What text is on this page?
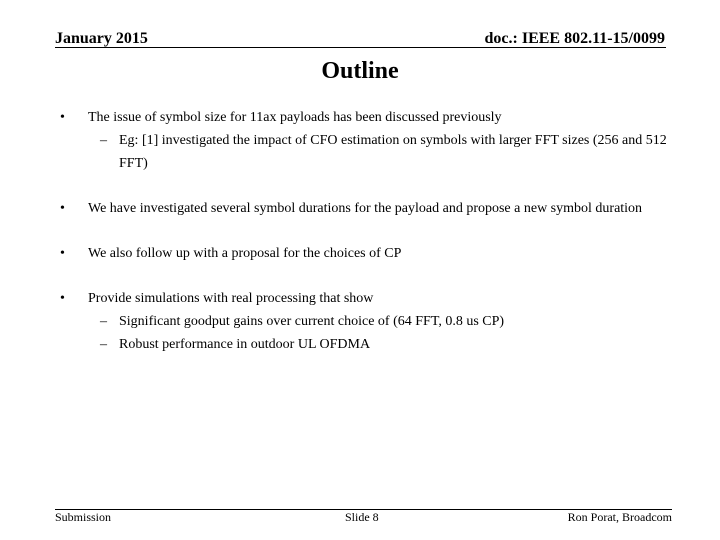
January 2015	doc.: IEEE 802.11-15/0099
Outline
• The issue of symbol size for 11ax payloads has been discussed previously
– Eg: [1] investigated the impact of CFO estimation on symbols with larger FFT sizes (256 and 512 FFT)
• We have investigated several symbol durations for the payload and propose a new symbol duration
• We also follow up with a proposal for the choices of CP
• Provide simulations with real processing that show
– Significant goodput gains over current choice of (64 FFT, 0.8 us CP)
– Robust performance in outdoor UL OFDMA
Submission	Slide 8	Ron Porat, Broadcom
